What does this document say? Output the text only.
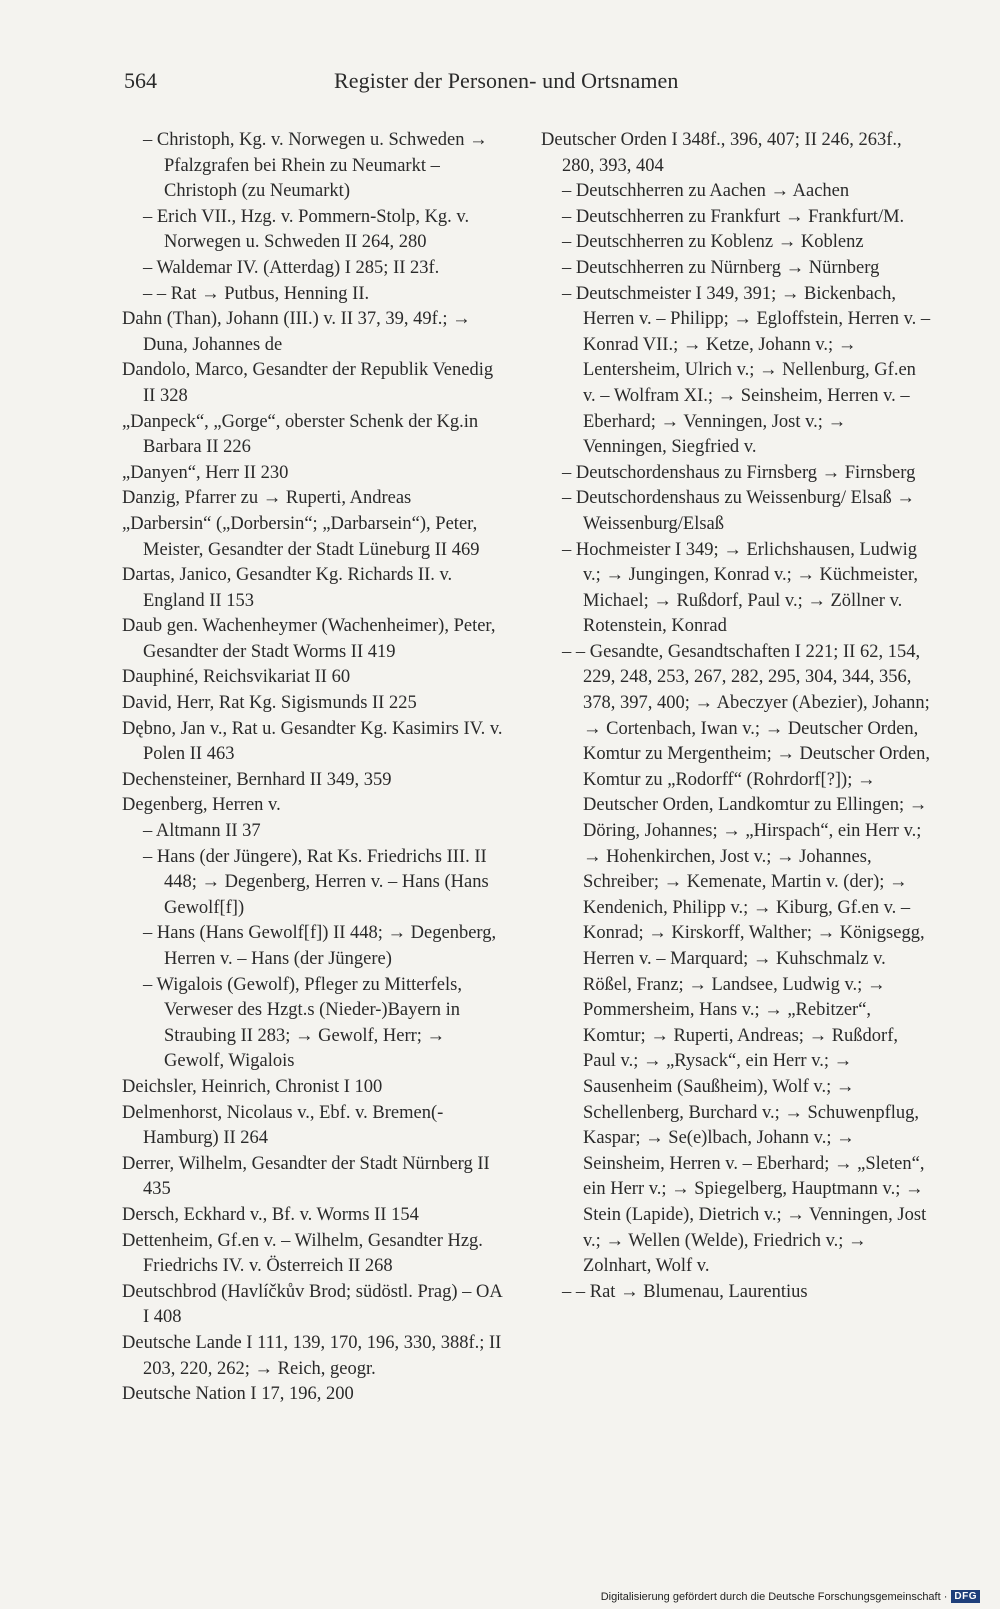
564	Register der Personen- und Ortsnamen
– Christoph, Kg. v. Norwegen u. Schweden → Pfalzgrafen bei Rhein zu Neumarkt – Christoph (zu Neumarkt)
– Erich VII., Hzg. v. Pommern-Stolp, Kg. v. Norwegen u. Schweden II 264, 280
– Waldemar IV. (Atterdag) I 285; II 23f.
– – Rat → Putbus, Henning II.
Dahn (Than), Johann (III.) v. II 37, 39, 49f.; → Duna, Johannes de
Dandolo, Marco, Gesandter der Republik Venedig II 328
„Danpeck“, „Gorge“, oberster Schenk der Kg.in Barbara II 226
„Danyen“, Herr II 230
Danzig, Pfarrer zu → Ruperti, Andreas
„Darbersin“ („Dorbersin“; „Darbarsein“), Peter, Meister, Gesandter der Stadt Lüneburg II 469
Dartas, Janico, Gesandter Kg. Richards II. v. England II 153
Daub gen. Wachenheymer (Wachenheimer), Peter, Gesandter der Stadt Worms II 419
Dauphiné, Reichsvikariat II 60
David, Herr, Rat Kg. Sigismunds II 225
Dębno, Jan v., Rat u. Gesandter Kg. Kasimirs IV. v. Polen II 463
Dechensteiner, Bernhard II 349, 359
Degenberg, Herren v.
– Altmann II 37
– Hans (der Jüngere), Rat Ks. Friedrichs III. II 448; → Degenberg, Herren v. – Hans (Hans Gewolf[f])
– Hans (Hans Gewolf[f]) II 448; → Degenberg, Herren v. – Hans (der Jüngere)
– Wigalois (Gewolf), Pfleger zu Mitterfels, Verweser des Hzgt.s (Nieder-)Bayern in Straubing II 283; → Gewolf, Herr; → Gewolf, Wigalois
Deichsler, Heinrich, Chronist I 100
Delmenhorst, Nicolaus v., Ebf. v. Bremen(-Hamburg) II 264
Derrer, Wilhelm, Gesandter der Stadt Nürnberg II 435
Dersch, Eckhard v., Bf. v. Worms II 154
Dettenheim, Gf.en v. – Wilhelm, Gesandter Hzg. Friedrichs IV. v. Österreich II 268
Deutschbrod (Havlíčkův Brod; südöstl. Prag) – OA I 408
Deutsche Lande I 111, 139, 170, 196, 330, 388f.; II 203, 220, 262; → Reich, geogr.
Deutsche Nation I 17, 196, 200
Deutscher Orden I 348f., 396, 407; II 246, 263f., 280, 393, 404
– Deutschherren zu Aachen → Aachen
– Deutschherren zu Frankfurt → Frankfurt/M.
– Deutschherren zu Koblenz → Koblenz
– Deutschherren zu Nürnberg → Nürnberg
– Deutschmeister I 349, 391; → Bickenbach, Herren v. – Philipp; → Egloffstein, Herren v. – Konrad VII.; → Ketze, Johann v.; → Lentersheim, Ulrich v.; → Nellenburg, Gf.en v. – Wolfram XI.; → Seinsheim, Herren v. – Eberhard; → Venningen, Jost v.; → Venningen, Siegfried v.
– Deutschordenshaus zu Firnsberg → Firnsberg
– Deutschordenshaus zu Weissenburg/ Elsaß → Weissenburg/Elsaß
– Hochmeister I 349; → Erlichshausen, Ludwig v.; → Jungingen, Konrad v.; → Küchmeister, Michael; → Rußdorf, Paul v.; → Zöllner v. Rotenstein, Konrad
– – Gesandte, Gesandtschaften I 221; II 62, 154, 229, 248, 253, 267, 282, 295, 304, 344, 356, 378, 397, 400; → Abeczyer (Abezier), Johann; → Cortenbach, Iwan v.; → Deutscher Orden, Komtur zu Mergentheim; → Deutscher Orden, Komtur zu „Rodorff“ (Rohrdorf[?]); → Deutscher Orden, Landkomtur zu Ellingen; → Döring, Johannes; → „Hirspach“, ein Herr v.; → Hohenkirchen, Jost v.; → Johannes, Schreiber; → Kemenate, Martin v. (der); → Kendenich, Philipp v.; → Kiburg, Gf.en v. – Konrad; → Kirskorff, Walther; → Königsegg, Herren v. – Marquard; → Kuhschmalz v. Rößel, Franz; → Landsee, Ludwig v.; → Pommersheim, Hans v.; → „Rebitzer“, Komtur; → Ruperti, Andreas; → Rußdorf, Paul v.; → „Rysack“, ein Herr v.; → Sausenheim (Saußheim), Wolf v.; → Schellenberg, Burchard v.; → Schuwenpflug, Kaspar; → Se(e)lbach, Johann v.; → Seinsheim, Herren v. – Eberhard; → „Sleten“, ein Herr v.; → Spiegelberg, Hauptmann v.; → Stein (Lapide), Dietrich v.; → Venningen, Jost v.; → Wellen (Welde), Friedrich v.; → Zolnhart, Wolf v.
– – Rat → Blumenau, Laurentius
Digitalisierung gefördert durch die Deutsche Forschungsgemeinschaft · DFG
